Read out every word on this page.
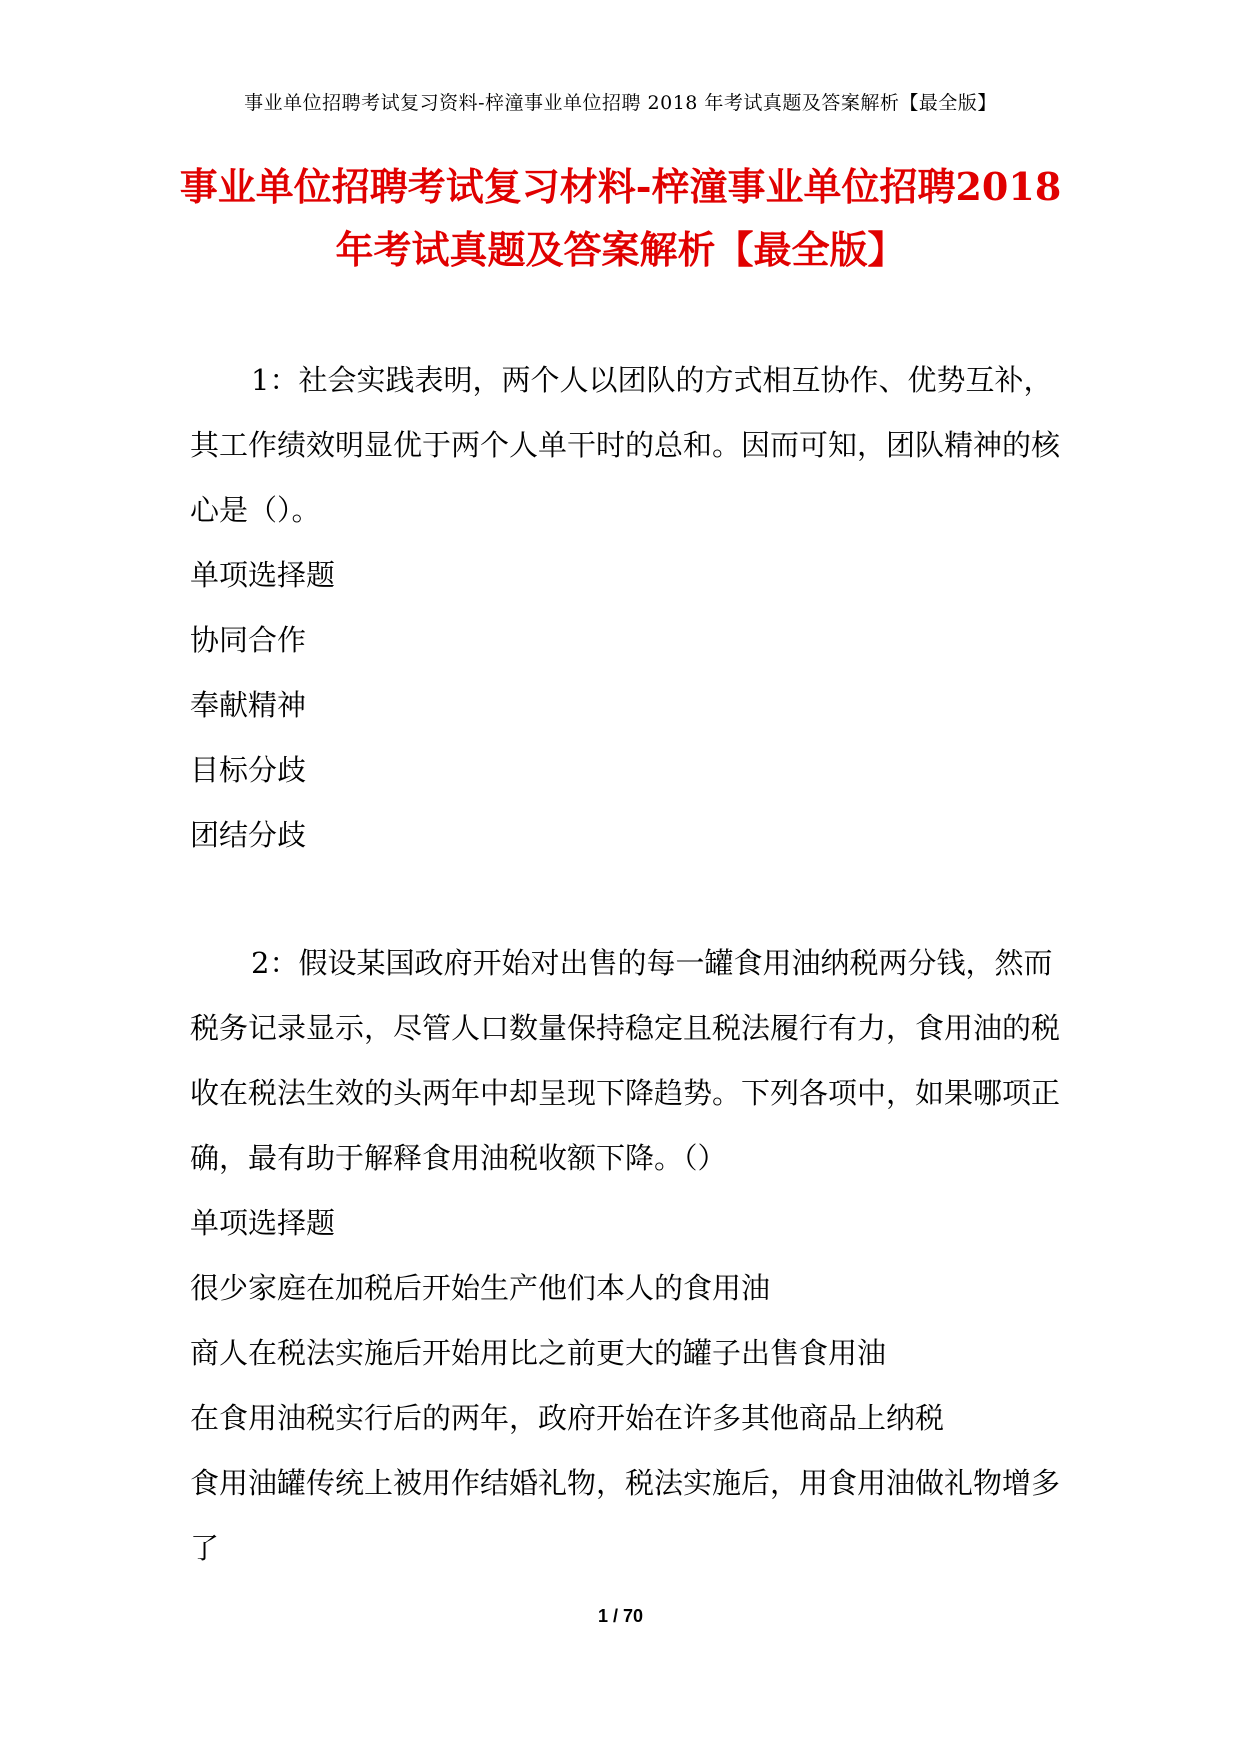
事业单位招聘考试复习资料-梓潼事业单位招聘 2018 年考试真题及答案解析【最全版】
事业单位招聘考试复习材料-梓潼事业单位招聘2018
年考试真题及答案解析【最全版】

1：社会实践表明，两个人以团队的方式相互协作、优势互补，其工作绩效明显优于两个人单干时的总和。因而可知，团队精神的核心是（）。

单项选择题

协同合作

奉献精神

目标分歧

团结分歧

2：假设某国政府开始对出售的每一罐食用油纳税两分钱，然而税务记录显示，尽管人口数量保持稳定且税法履行有力，食用油的税收在税法生效的头两年中却呈现下降趋势。下列各项中，如果哪项正确，最有助于解释食用油税收额下降。（）

单项选择题

很少家庭在加税后开始生产他们本人的食用油

商人在税法实施后开始用比之前更大的罐子出售食用油

在食用油税实行后的两年，政府开始在许多其他商品上纳税

食用油罐传统上被用作结婚礼物，税法实施后，用食用油做礼物增多了

1 / 70
